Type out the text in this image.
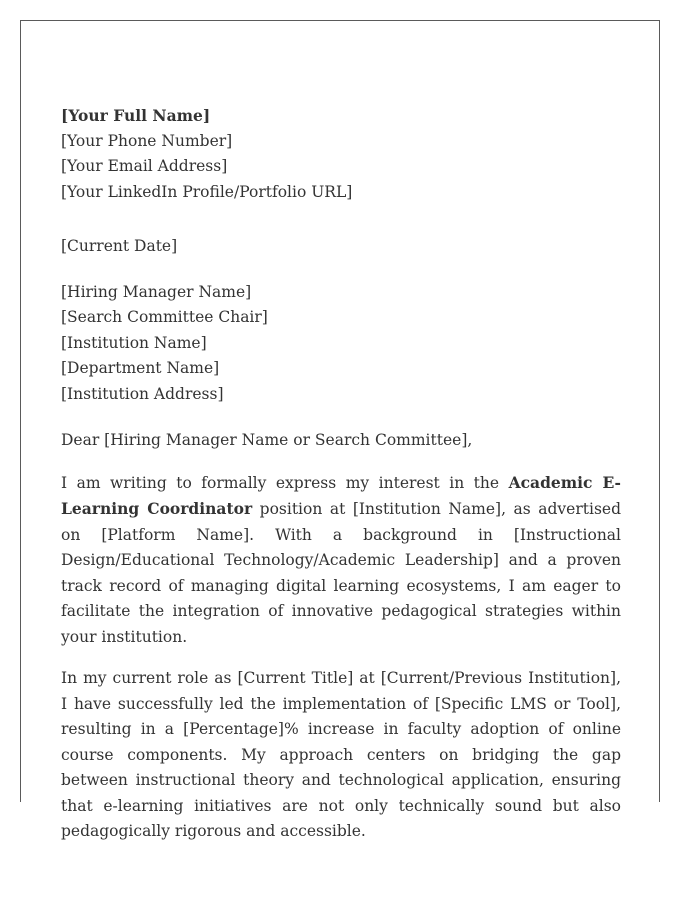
[Your Full Name]
[Your Phone Number]
[Your Email Address]
[Your LinkedIn Profile/Portfolio URL]
[Current Date]
[Hiring Manager Name]
[Search Committee Chair]
[Institution Name]
[Department Name]
[Institution Address]
Dear [Hiring Manager Name or Search Committee],

I am writing to formally express my interest in the Academic E-Learning Coordinator position at [Institution Name], as advertised on [Platform Name]. With a background in [Instructional Design/Educational Technology/Academic Leadership] and a proven track record of managing digital learning ecosystems, I am eager to facilitate the integration of innovative pedagogical strategies within your institution.

In my current role as [Current Title] at [Current/Previous Institution], I have successfully led the implementation of [Specific LMS or Tool], resulting in a [Percentage]% increase in faculty adoption of online course components. My approach centers on bridging the gap between instructional theory and technological application, ensuring that e-learning initiatives are not only technically sound but also pedagogically rigorous and accessible.
